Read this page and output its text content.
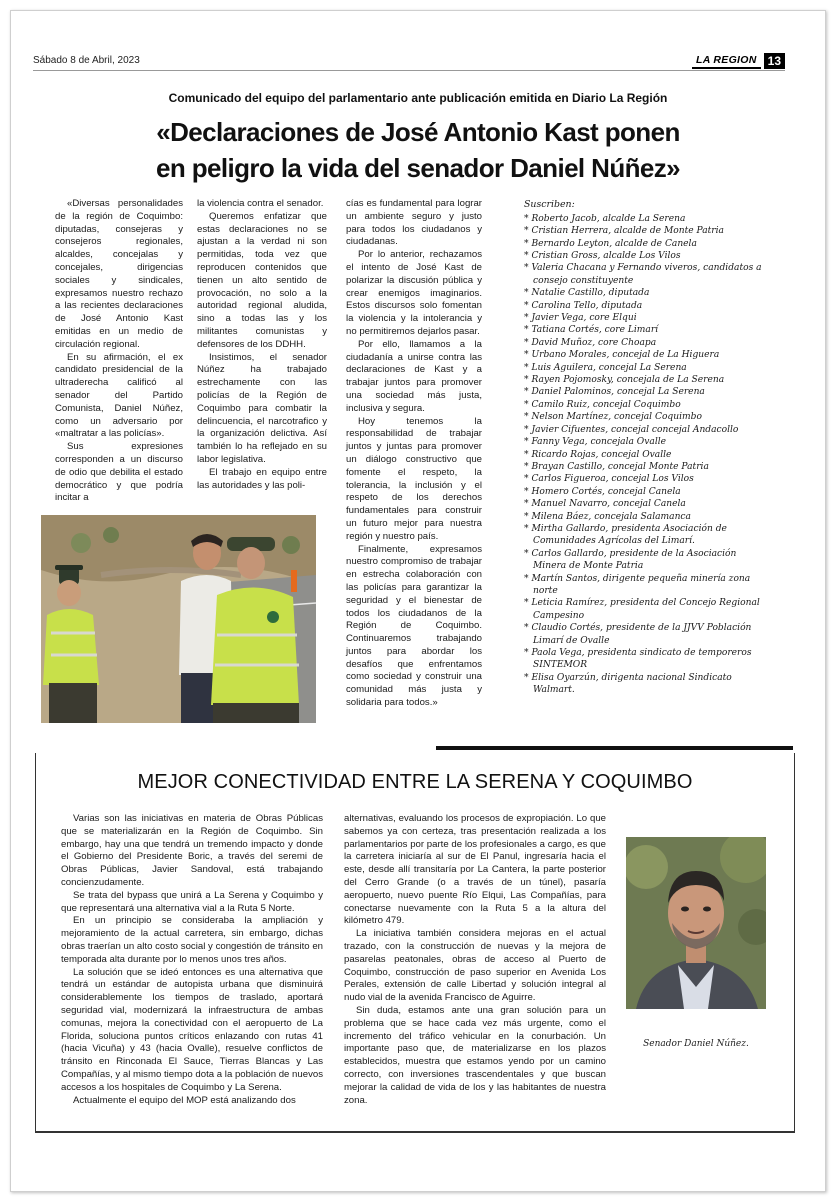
Sábado 8 de Abril, 2023	LA REGION 13
Comunicado del equipo del parlamentario ante publicación emitida en Diario La Región
«Declaraciones de José Antonio Kast ponen
en peligro la vida del senador Daniel Núñez»

«Diversas personalidades de la región de Coquimbo: diputadas, consejeras y consejeros regionales, alcaldes, concejalas y concejales, dirigencias sociales y sindicales, expresamos nuestro rechazo a las recientes declaraciones de José Antonio Kast emitidas en un medio de circulación regional.

En su afirmación, el ex candidato presidencial de la ultraderecha calificó al senador del Partido Comunista, Daniel Núñez, como un adversario por «maltratar a las policías».

Sus expresiones corresponden a un discurso de odio que debilita el estado democrático y que podría incitar a

la violencia contra el senador.

Queremos enfatizar que estas declaraciones no se ajustan a la verdad ni son permitidas, toda vez que reproducen contenidos que tienen un alto sentido de provocación, no solo a la autoridad regional aludida, sino a todas las y los militantes comunistas y defensores de los DDHH.

Insistimos, el senador Núñez ha trabajado estrechamente con las policías de la Región de Coquimbo para combatir la delincuencia, el narcotrafico y la organización delictiva. Así también lo ha reflejado en su labor legislativa.

El trabajo en equipo entre las autoridades y las poli-

cías es fundamental para lograr un ambiente seguro y justo para todos los ciudadanos y ciudadanas.

Por lo anterior, rechazamos el intento de José Kast de polarizar la discusión pública y crear enemigos imaginarios. Estos discursos solo fomentan la violencia y la intolerancia y no permitiremos dejarlos pasar.

Por ello, llamamos a la ciudadanía a unirse contra las declaraciones de Kast y a trabajar juntos para promover una sociedad más justa, inclusiva y segura.

Hoy tenemos la responsabilidad de trabajar juntos y juntas para promover un diálogo constructivo que fomente el respeto, la tolerancia, la inclusión y el respeto de los derechos fundamentales para construir un futuro mejor para nuestra región y nuestro país.

Finalmente, expresamos nuestro compromiso de trabajar en estrecha colaboración con las policías para garantizar la seguridad y el bienestar de todos los ciudadanos de la Región de Coquimbo. Continuaremos trabajando juntos para abordar los desafíos que enfrentamos como sociedad y construir una comunidad más justa y solidaria para todos.»

Suscriben:
* Roberto Jacob, alcalde La Serena
* Cristian Herrera, alcalde de Monte Patria
* Bernardo Leyton, alcalde de Canela
* Cristian Gross, alcalde Los Vilos
* Valeria Chacana y Fernando viveros, candidatos a consejo constituyente
* Natalie Castillo, diputada
* Carolina Tello, diputada
* Javier Vega, core Elqui
* Tatiana Cortés, core Limarí
* David Muñoz, core Choapa
* Urbano Morales, concejal de La Higuera
* Luis Aguilera, concejal La Serena
* Rayen Pojomosky, concejala de La Serena
* Daniel Palominos, concejal La Serena
* Camilo Ruiz, concejal Coquimbo
* Nelson Martínez, concejal Coquimbo
* Javier Cifuentes, concejal concejal Andacollo
* Fanny Vega, concejala Ovalle
* Ricardo Rojas, concejal Ovalle
* Brayan Castillo, concejal Monte Patria
* Carlos Figueroa, concejal Los Vilos
* Homero Cortés, concejal Canela
* Manuel Navarro, concejal Canela
* Milena Báez, concejala Salamanca
* Mirtha Gallardo, presidenta Asociación de Comunidades Agrícolas del Limarí.
* Carlos Gallardo, presidente de la Asociación Minera de Monte Patria
* Martín Santos, dirigente pequeña minería zona norte
* Leticia Ramírez, presidenta del Concejo Regional Campesino
* Claudio Cortés, presidente de la JJVV Población Limarí de Ovalle
* Paola Vega, presidenta sindicato de temporeros SINTEMOR
* Elisa Oyarzún, dirigenta nacional Sindicato Walmart.
MEJOR CONECTIVIDAD ENTRE LA SERENA Y COQUIMBO

Varias son las iniciativas en materia de Obras Públicas que se materializarán en la Región de Coquimbo. Sin embargo, hay una que tendrá un tremendo impacto y donde el Gobierno del Presidente Boric, a través del seremi de Obras Públicas, Javier Sandoval, está trabajando concienzudamente.

Se trata del bypass que unirá a La Serena y Coquimbo y que representará una alternativa vial a la Ruta 5 Norte.

En un principio se consideraba la ampliación y mejoramiento de la actual carretera, sin embargo, dichas obras traerían un alto costo social y congestión de tránsito en temporada alta durante por lo menos unos tres años.

La solución que se ideó entonces es una alternativa que tendrá un estándar de autopista urbana que disminuirá considerablemente los tiempos de traslado, aportará seguridad vial, modernizará la infraestructura de ambas comunas, mejora la conectividad con el aeropuerto de La Florida, soluciona puntos críticos enlazando con rutas 41 (hacia Vicuña) y 43 (hacia Ovalle), resuelve conflictos de tránsito en Rinconada El Sauce, Tierras Blancas y Las Compañías, y al mismo tiempo dota a la población de nuevos accesos a los hospitales de Coquimbo y La Serena.

Actualmente el equipo del MOP está analizando dos

alternativas, evaluando los procesos de expropiación. Lo que sabemos ya con certeza, tras presentación realizada a los parlamentarios por parte de los profesionales a cargo, es que la carretera iniciaría al sur de El Panul, ingresaría hacia el este, desde allí transitaría por La Cantera, la parte posterior del Cerro Grande (o a través de un túnel), pasaría aeropuerto, nuevo puente Río Elqui, Las Compañías, para conectarse nuevamente con la Ruta 5 a la altura del kilómetro 479.

La iniciativa también considera mejoras en el actual trazado, con la construcción de nuevas y la mejora de pasarelas peatonales, obras de acceso al Puerto de Coquimbo, construcción de paso superior en Avenida Los Perales, extensión de calle Libertad y solución integral al nudo vial de la avenida Francisco de Aguirre.

Sin duda, estamos ante una gran solución para un problema que se hace cada vez más urgente, como el incremento del tráfico vehicular en la conurbación. Un importante paso que, de materializarse en los plazos establecidos, muestra que estamos yendo por un camino correcto, con inversiones trascendentales y que buscan mejorar la calidad de vida de los y las habitantes de nuestra zona.

Senador Daniel Núñez.
